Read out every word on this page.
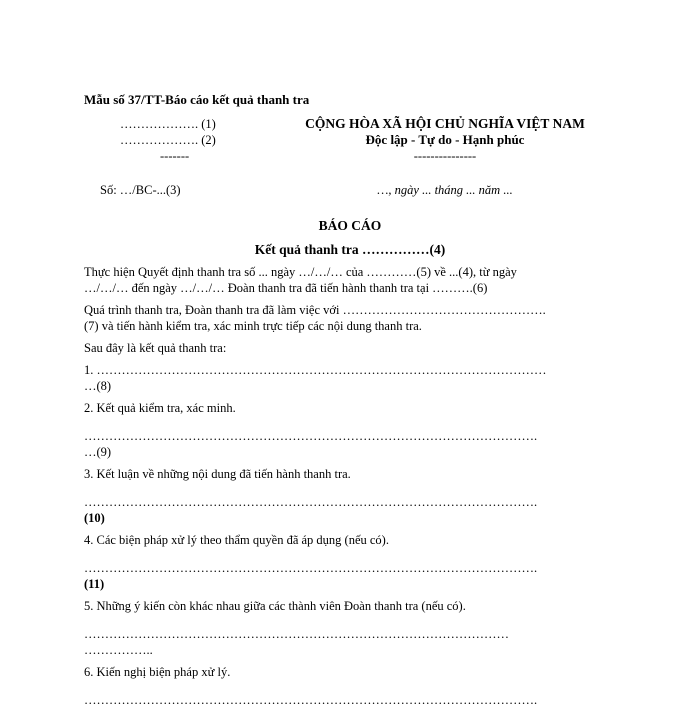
Mẫu số 37/TT-Báo cáo kết quả thanh tra
………………. (1)
………………. (2)
-------
Số: …/BC-...(3)
CỘNG HÒA XÃ HỘI CHỦ NGHĨA VIỆT NAM
Độc lập - Tự do - Hạnh phúc
---------------
…, ngày ... tháng ... năm ...
BÁO CÁO
Kết quả thanh tra ……………(4)
Thực hiện Quyết định thanh tra số ... ngày …/…/… của …………(5) về ...(4), từ ngày
…/…/… đến ngày …/…/… Đoàn thanh tra đã tiến hành thanh tra tại ……….(6)
Quá trình thanh tra, Đoàn thanh tra đã làm việc với ………………………………………….
(7) và tiến hành kiểm tra, xác minh trực tiếp các nội dung thanh tra.
Sau đây là kết quả thanh tra:
1. ………………………………………………………………………………………………
…(8)
2. Kết quả kiểm tra, xác minh.
……………………………………………………………………………………………….
…(9)
3. Kết luận về những nội dung đã tiến hành thanh tra.
……………………………………………………………………………………………….
(10)
4. Các biện pháp xử lý theo thẩm quyền đã áp dụng (nếu có).
……………………………………………………………………………………………….
(11)
5. Những ý kiến còn khác nhau giữa các thành viên Đoàn thanh tra (nếu có).
…………………………………………………………………………………………
……………..
6. Kiến nghị biện pháp xử lý.
……………………………………………………………………………………………….
